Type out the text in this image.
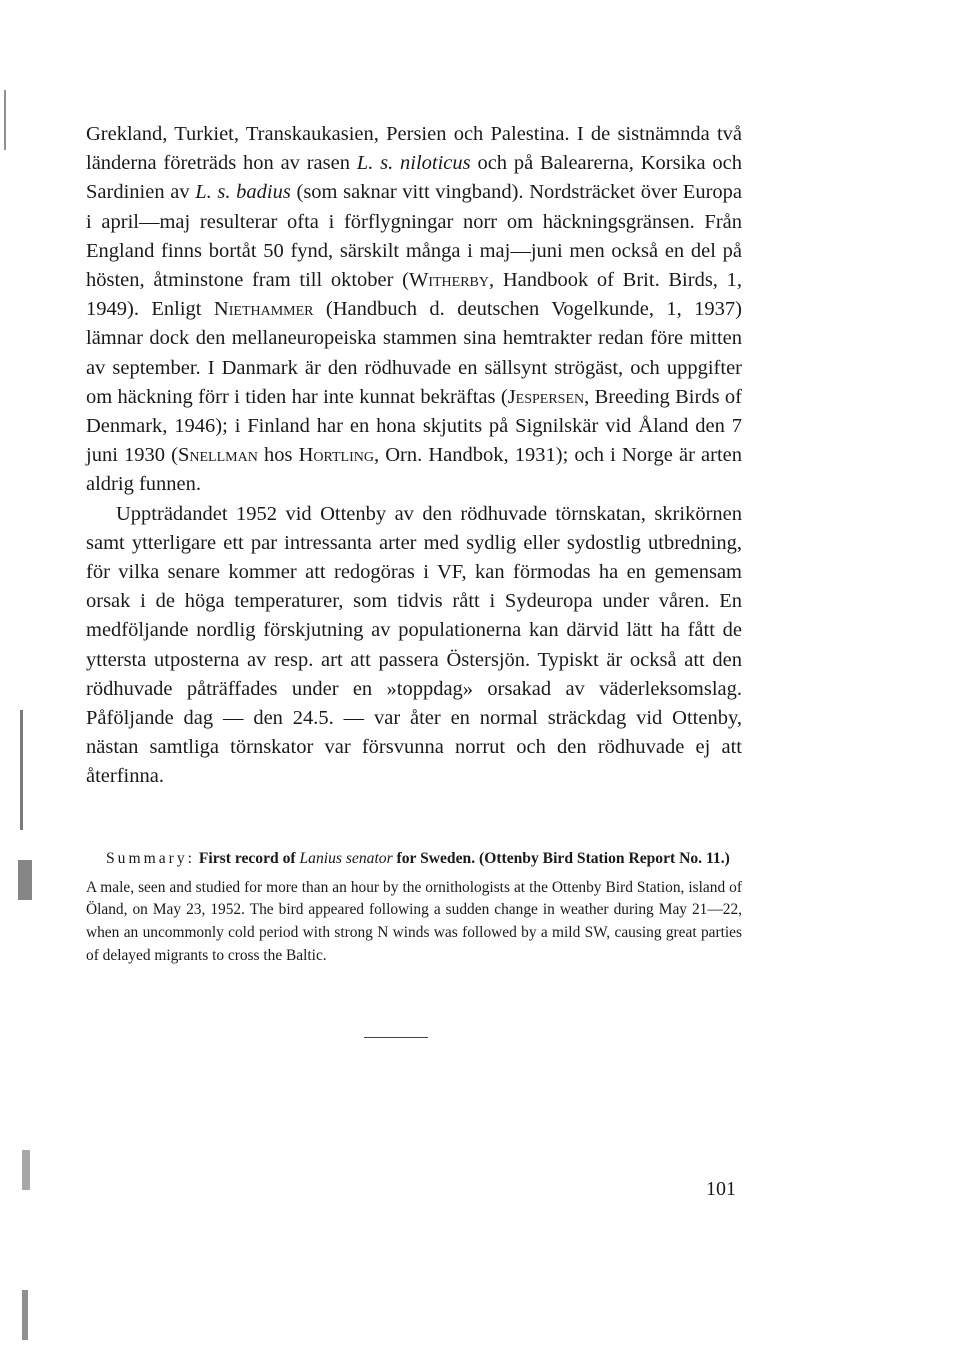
Grekland, Turkiet, Transkaukasien, Persien och Palestina. I de sistnämnda två länderna företräds hon av rasen L. s. niloticus och på Balearerna, Korsika och Sardinien av L. s. badius (som saknar vitt vingband). Nordsträcket över Europa i april—maj resulterar ofta i förflygningar norr om häckningsgränsen. Från England finns bortåt 50 fynd, särskilt många i maj—juni men också en del på hösten, åtminstone fram till oktober (Witherby, Handbook of Brit. Birds, 1, 1949). Enligt Niethammer (Handbuch d. deutschen Vogelkunde, 1, 1937) lämnar dock den mellaneuropeiska stammen sina hemtrakter redan före mitten av september. I Danmark är den rödhuvade en sällsynt strögäst, och uppgifter om häckning förr i tiden har inte kunnat bekräftas (Jespersen, Breeding Birds of Denmark, 1946); i Finland har en hona skjutits på Signilskär vid Åland den 7 juni 1930 (Snellman hos Hortling, Orn. Handbok, 1931); och i Norge är arten aldrig funnen.

Uppträdandet 1952 vid Ottenby av den rödhuvade törnskatan, skrikörnen samt ytterligare ett par intressanta arter med sydlig eller sydostlig utbredning, för vilka senare kommer att redogöras i VF, kan förmodas ha en gemensam orsak i de höga temperaturer, som tidvis rått i Sydeuropa under våren. En medföljande nordlig förskjutning av populationerna kan därvid lätt ha fått de yttersta utposterna av resp. art att passera Östersjön. Typiskt är också att den rödhuvade påträffades under en »toppdag» orsakad av väderleksomslag. Påföljande dag — den 24.5. — var åter en normal sträckdag vid Ottenby, nästan samtliga törnskator var försvunna norrut och den rödhuvade ej att återfinna.

Summary: First record of Lanius senator for Sweden. (Ottenby Bird Station Report No. 11.)

A male, seen and studied for more than an hour by the ornithologists at the Ottenby Bird Station, island of Öland, on May 23, 1952. The bird appeared following a sudden change in weather during May 21—22, when an uncommonly cold period with strong N winds was followed by a mild SW, causing great parties of delayed migrants to cross the Baltic.

101
